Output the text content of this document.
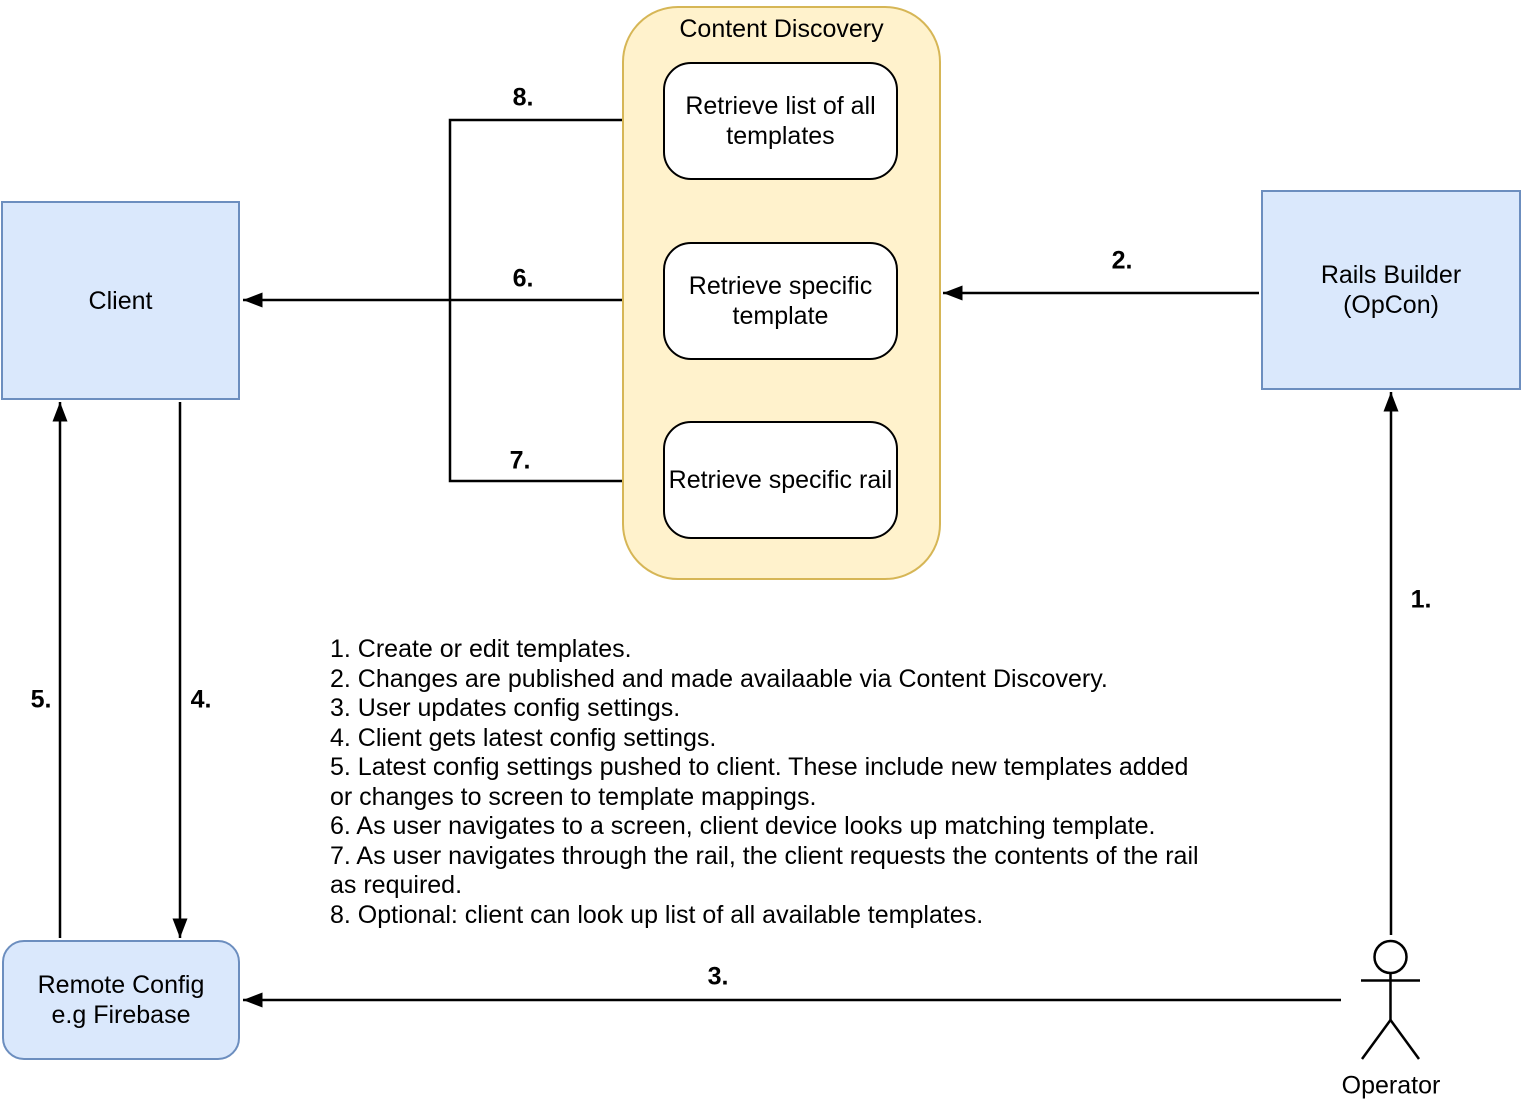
Content Discovery
Retrieve list of all templates
Retrieve specific template
Retrieve specific rail
Client
Rails Builder
(OpCon)
Remote Config
e.g Firebase
Operator
1.
2.
3.
4.
5.
6.
7.
8.
1. Create or edit templates.
2. Changes are published and made availaable via Content Discovery.
3. User updates config settings.
4. Client gets latest config settings.
5. Latest config settings pushed to client. These include new templates added
or changes to screen to template mappings.
6. As user navigates to a screen, client device looks up matching template.
7. As user navigates through the rail, the client requests the contents of the rail
as required.
8. Optional: client can look up list of all available templates.
